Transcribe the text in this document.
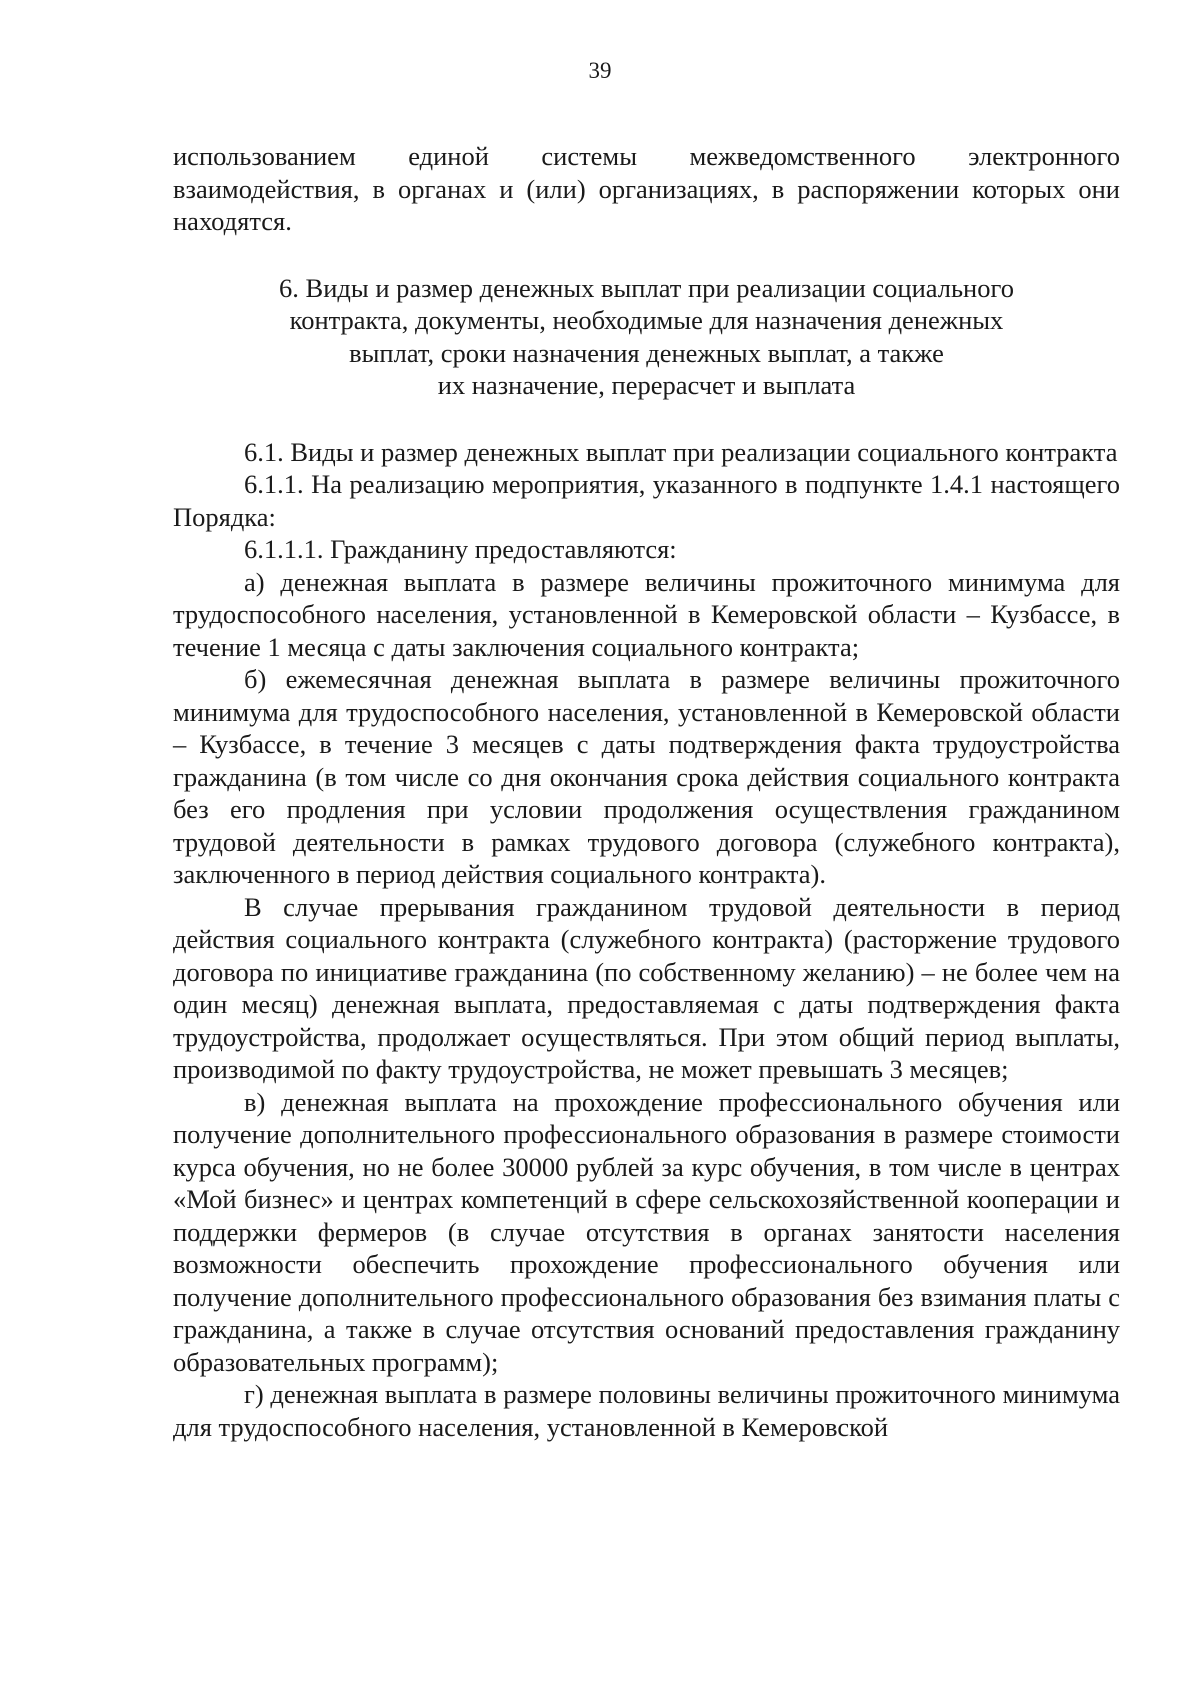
39

использованием единой системы межведомственного электронного взаимодействия, в органах и (или) организациях, в распоряжении которых они находятся.

6. Виды и размер денежных выплат при реализации социального
контракта, документы, необходимые для назначения денежных
выплат, сроки назначения денежных выплат, а также
их назначение, перерасчет и выплата

6.1. Виды и размер денежных выплат при реализации социального контракта

6.1.1. На реализацию мероприятия, указанного в подпункте 1.4.1 настоящего Порядка:

6.1.1.1. Гражданину предоставляются:

а) денежная выплата в размере величины прожиточного минимума для трудоспособного населения, установленной в Кемеровской области – Кузбассе, в течение 1 месяца с даты заключения социального контракта;

б) ежемесячная денежная выплата в размере величины прожиточного минимума для трудоспособного населения, установленной в Кемеровской области – Кузбассе, в течение 3 месяцев с даты подтверждения факта трудоустройства гражданина (в том числе со дня окончания срока действия социального контракта без его продления при условии продолжения осуществления гражданином трудовой деятельности в рамках трудового договора (служебного контракта), заключенного в период действия социального контракта).

В случае прерывания гражданином трудовой деятельности в период действия социального контракта (служебного контракта) (расторжение трудового договора по инициативе гражданина (по собственному желанию) – не более чем на один месяц) денежная выплата, предоставляемая с даты подтверждения факта трудоустройства, продолжает осуществляться. При этом общий период выплаты, производимой по факту трудоустройства, не может превышать 3 месяцев;

в) денежная выплата на прохождение профессионального обучения или получение дополнительного профессионального образования в размере стоимости курса обучения, но не более 30000 рублей за курс обучения, в том числе в центрах «Мой бизнес» и центрах компетенций в сфере сельскохозяйственной кооперации и поддержки фермеров (в случае отсутствия в органах занятости населения возможности обеспечить прохождение профессионального обучения или получение дополнительного профессионального образования без взимания платы с гражданина, а также в случае отсутствия оснований предоставления гражданину образовательных программ);

г) денежная выплата в размере половины величины прожиточного минимума для трудоспособного населения, установленной в Кемеровской
